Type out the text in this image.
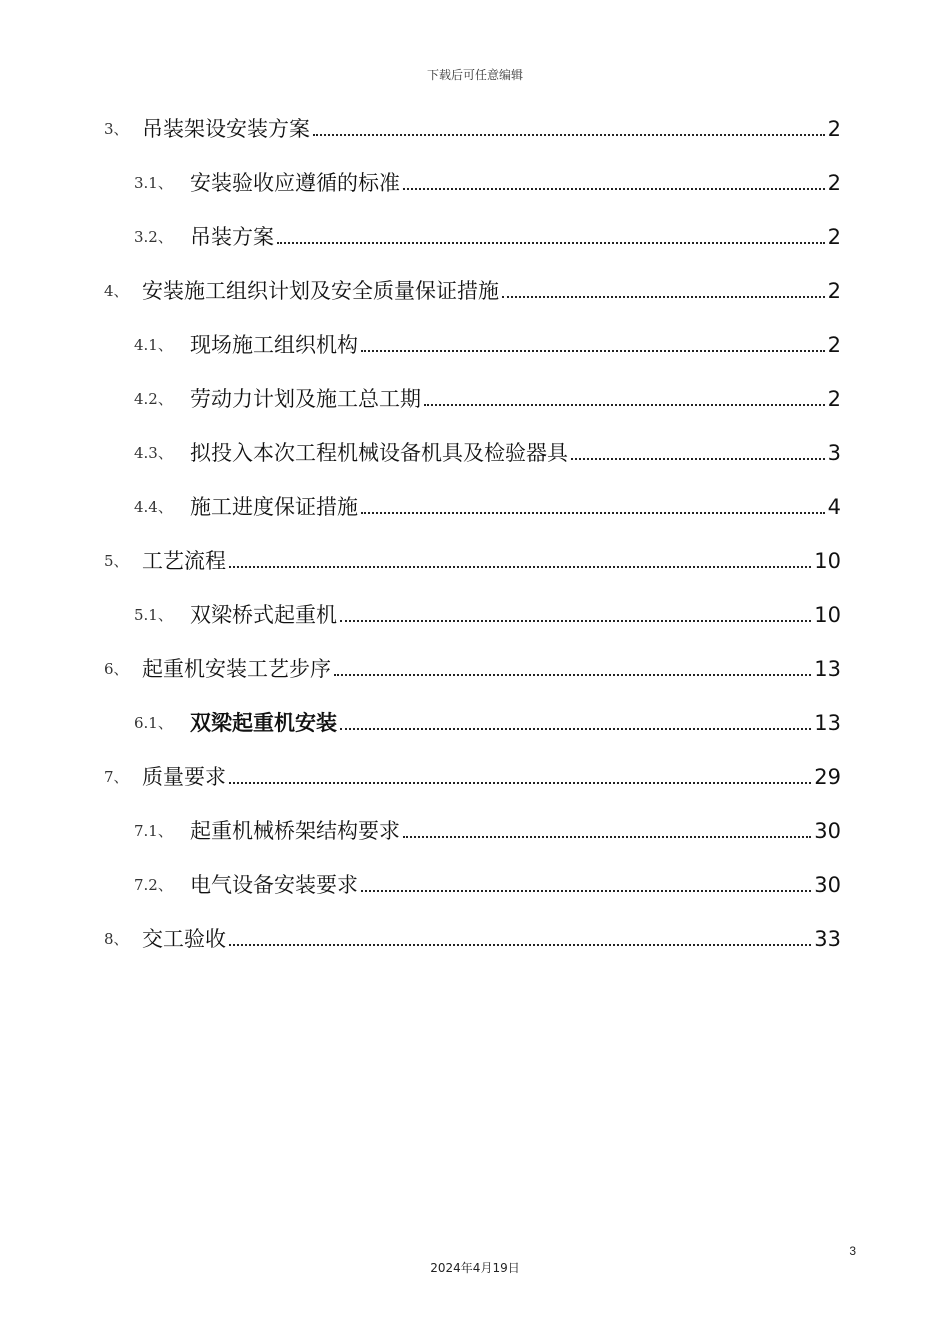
下载后可任意编辑
3、 吊装架设安装方案	2
3.1、 安装验收应遵循的标准	2
3.2、 吊装方案	2
4、 安装施工组织计划及安全质量保证措施	2
4.1、 现场施工组织机构	2
4.2、 劳动力计划及施工总工期	2
4.3、 拟投入本次工程机械设备机具及检验器具	3
4.4、 施工进度保证措施	4
5、 工艺流程	10
5.1、 双梁桥式起重机	10
6、 起重机安装工艺步序	13
6.1、 双梁起重机安装	13
7、 质量要求	29
7.1、 起重机械桥架结构要求	30
7.2、 电气设备安装要求	30
8、 交工验收	33
3
2024年4月19日
